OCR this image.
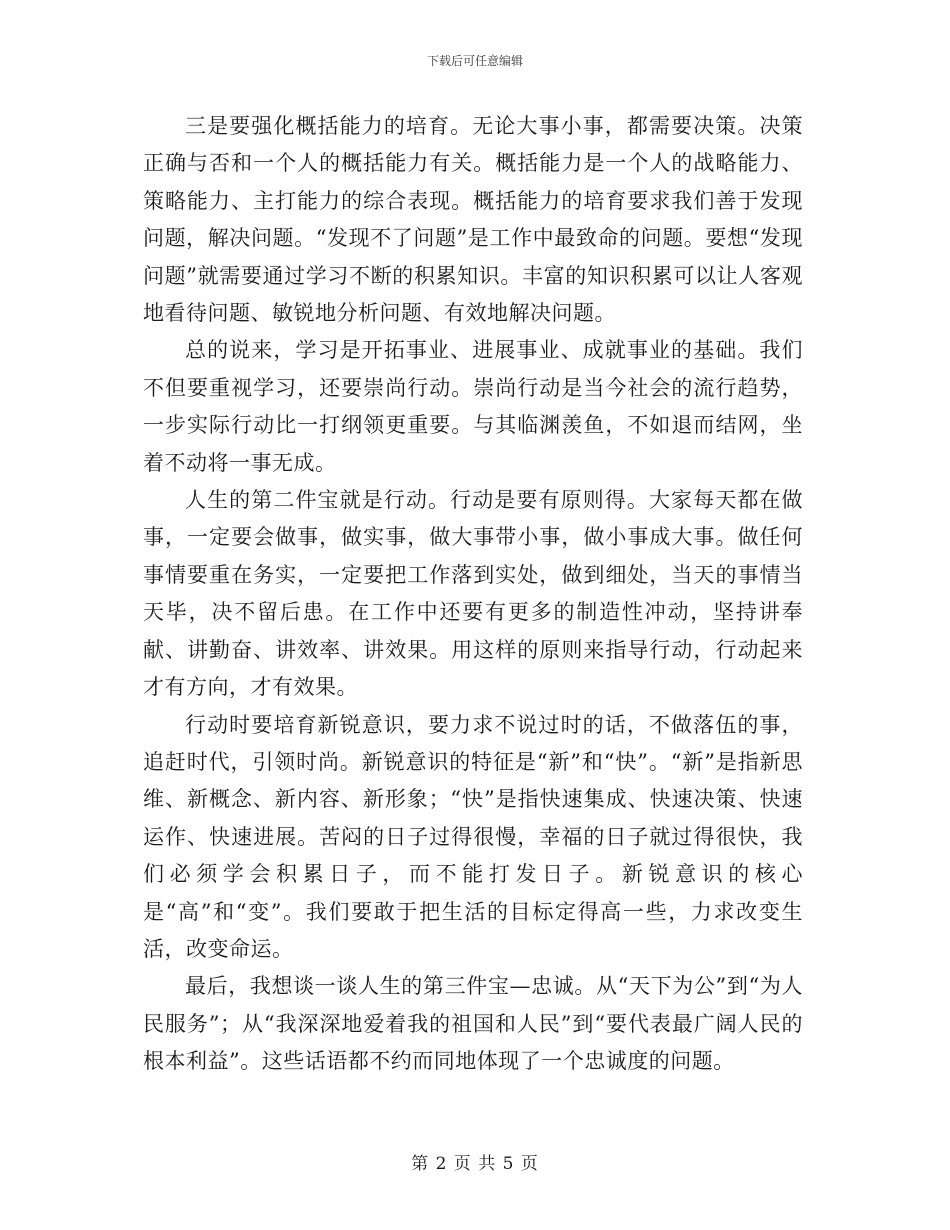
下载后可任意编辑

三是要强化概括能力的培育。无论大事小事，都需要决策。决策正确与否和一个人的概括能力有关。概括能力是一个人的战略能力、策略能力、主打能力的综合表现。概括能力的培育要求我们善于发现问题，解决问题。“发现不了问题”是工作中最致命的问题。要想“发现问题”就需要通过学习不断的积累知识。丰富的知识积累可以让人客观地看待问题、敏锐地分析问题、有效地解决问题。

总的说来，学习是开拓事业、进展事业、成就事业的基础。我们不但要重视学习，还要崇尚行动。崇尚行动是当今社会的流行趋势，一步实际行动比一打纲领更重要。与其临渊羡鱼，不如退而结网，坐着不动将一事无成。

人生的第二件宝就是行动。行动是要有原则得。大家每天都在做事，一定要会做事，做实事，做大事带小事，做小事成大事。做任何事情要重在务实，一定要把工作落到实处，做到细处，当天的事情当天毕，决不留后患。在工作中还要有更多的制造性冲动，坚持讲奉献、讲勤奋、讲效率、讲效果。用这样的原则来指导行动，行动起来才有方向，才有效果。

行动时要培育新锐意识，要力求不说过时的话，不做落伍的事，追赶时代，引领时尚。新锐意识的特征是“新”和“快”。“新”是指新思维、新概念、新内容、新形象；“快”是指快速集成、快速决策、快速运作、快速进展。苦闷的日子过得很慢，幸福的日子就过得很快，我们必须学会积累日子，而不能打发日子。新锐意识的核心是“高”和“变”。我们要敢于把生活的目标定得高一些，力求改变生活，改变命运。

最后，我想谈一谈人生的第三件宝—忠诚。从“天下为公”到“为人民服务”；从“我深深地爱着我的祖国和人民”到“要代表最广阔人民的根本利益”。这些话语都不约而同地体现了一个忠诚度的问题。

第 2 页 共 5 页
